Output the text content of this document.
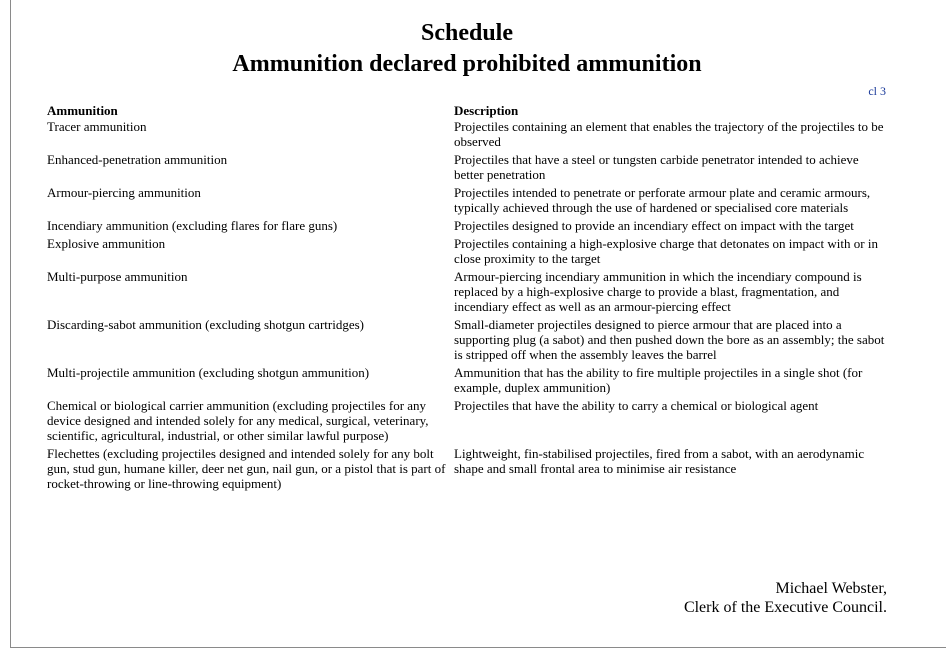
Schedule
Ammunition declared prohibited ammunition
cl 3
Ammunition	Description
Tracer ammunition	Projectiles containing an element that enables the trajectory of the projectiles to be observed
Enhanced-penetration ammunition	Projectiles that have a steel or tungsten carbide penetrator intended to achieve better penetration
Armour-piercing ammunition	Projectiles intended to penetrate or perforate armour plate and ceramic armours, typically achieved through the use of hardened or specialised core materials
Incendiary ammunition (excluding flares for flare guns)	Projectiles designed to provide an incendiary effect on impact with the target
Explosive ammunition	Projectiles containing a high-explosive charge that detonates on impact with or in close proximity to the target
Multi-purpose ammunition	Armour-piercing incendiary ammunition in which the incendiary compound is replaced by a high-explosive charge to provide a blast, fragmentation, and incendiary effect as well as an armour-piercing effect
Discarding-sabot ammunition (excluding shotgun cartridges)	Small-diameter projectiles designed to pierce armour that are placed into a supporting plug (a sabot) and then pushed down the bore as an assembly; the sabot is stripped off when the assembly leaves the barrel
Multi-projectile ammunition (excluding shotgun ammunition)	Ammunition that has the ability to fire multiple projectiles in a single shot (for example, duplex ammunition)
Chemical or biological carrier ammunition (excluding projectiles for any device designed and intended solely for any medical, surgical, veterinary, scientific, agricultural, industrial, or other similar lawful purpose)	Projectiles that have the ability to carry a chemical or biological agent
Flechettes (excluding projectiles designed and intended solely for any bolt gun, stud gun, humane killer, deer net gun, nail gun, or a pistol that is part of rocket-throwing or line-throwing equipment)	Lightweight, fin-stabilised projectiles, fired from a sabot, with an aerodynamic shape and small frontal area to minimise air resistance
Michael Webster,
Clerk of the Executive Council.
